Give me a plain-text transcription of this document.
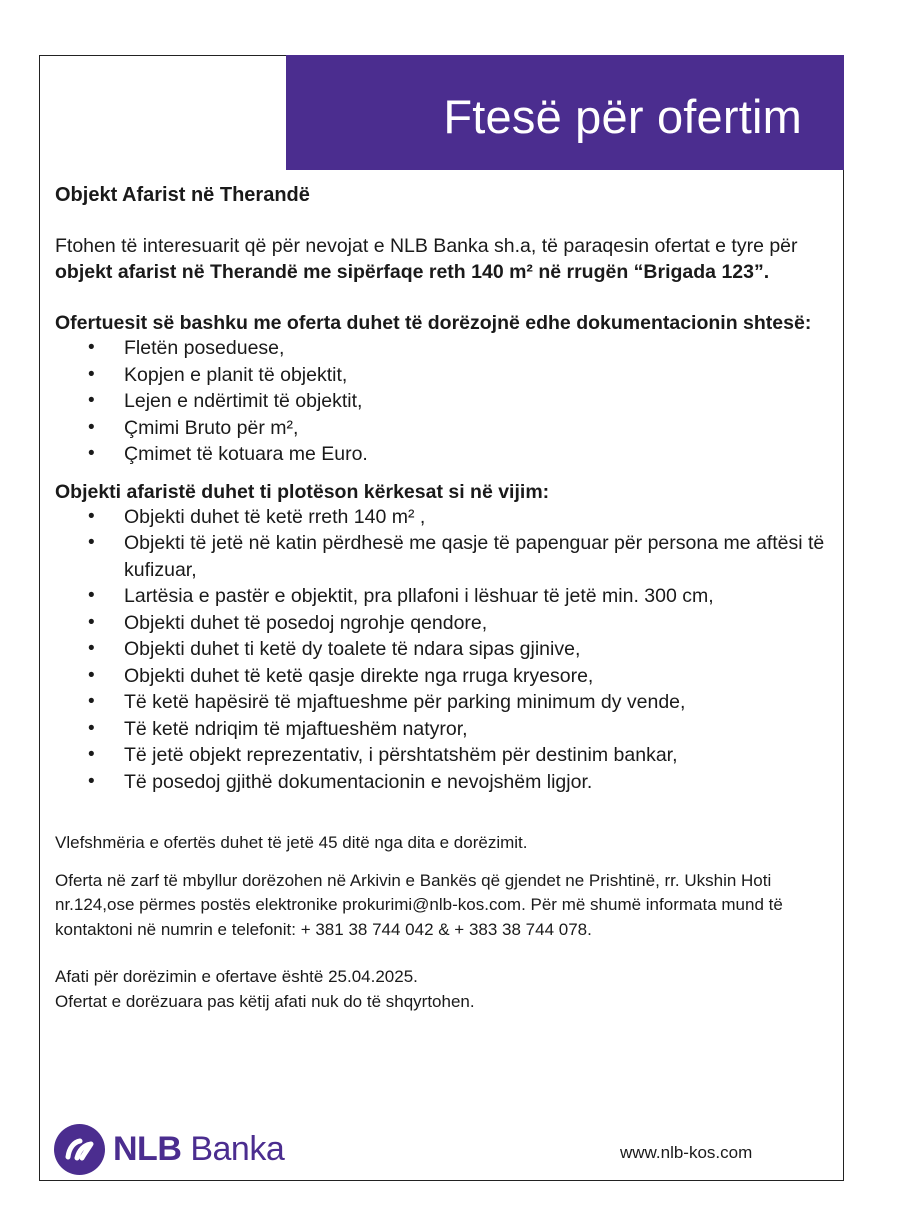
Ftesë për ofertim
Objekt Afarist në Therandë

Ftohen të interesuarit që për nevojat e NLB Banka sh.a, të paraqesin ofertat e tyre për objekt afarist në Therandë me sipërfaqe reth 140 m² në rrugën “Brigada 123”.

Ofertuesit së bashku me oferta duhet të dorëzojnë edhe dokumentacionin shtesë:
• Fletën poseduese,
• Kopjen e planit të objektit,
• Lejen e ndërtimit të objektit,
• Çmimi Bruto për m²,
• Çmimet të kotuara me Euro.
Objekti afaristë duhet ti plotëson kërkesat si në vijim:
• Objekti duhet të ketë rreth 140 m² ,
• Objekti të jetë në katin përdhesë me qasje të papenguar për persona me aftësi të kufizuar,
• Lartësia e pastër e objektit, pra pllafoni i lëshuar të jetë min. 300 cm,
• Objekti duhet të posedoj ngrohje qendore,
• Objekti duhet ti ketë dy toalete të ndara sipas gjinive,
• Objekti duhet të ketë qasje direkte nga rruga kryesore,
• Të ketë hapësirë të mjaftueshme për parking minimum dy vende,
• Të ketë ndriqim të mjaftueshëm natyror,
• Të jetë objekt reprezentativ, i përshtatshëm për destinim bankar,
• Të posedoj gjithë dokumentacionin e nevojshëm ligjor.

Vlefshmëria e ofertës duhet të jetë 45 ditë nga dita e dorëzimit.

Oferta në zarf të mbyllur dorëzohen në Arkivin e Bankës që gjendet ne Prishtinë, rr. Ukshin Hoti nr.124,ose përmes postës elektronike prokurimi@nlb-kos.com. Për më shumë informata mund të kontaktoni në numrin e telefonit: + 381 38 744 042 & + 383 38 744 078.

Afati për dorëzimin e ofertave është 25.04.2025.

Ofertat e dorëzuara pas këtij afati nuk do të shqyrtohen.

NLB Banka	www.nlb-kos.com
